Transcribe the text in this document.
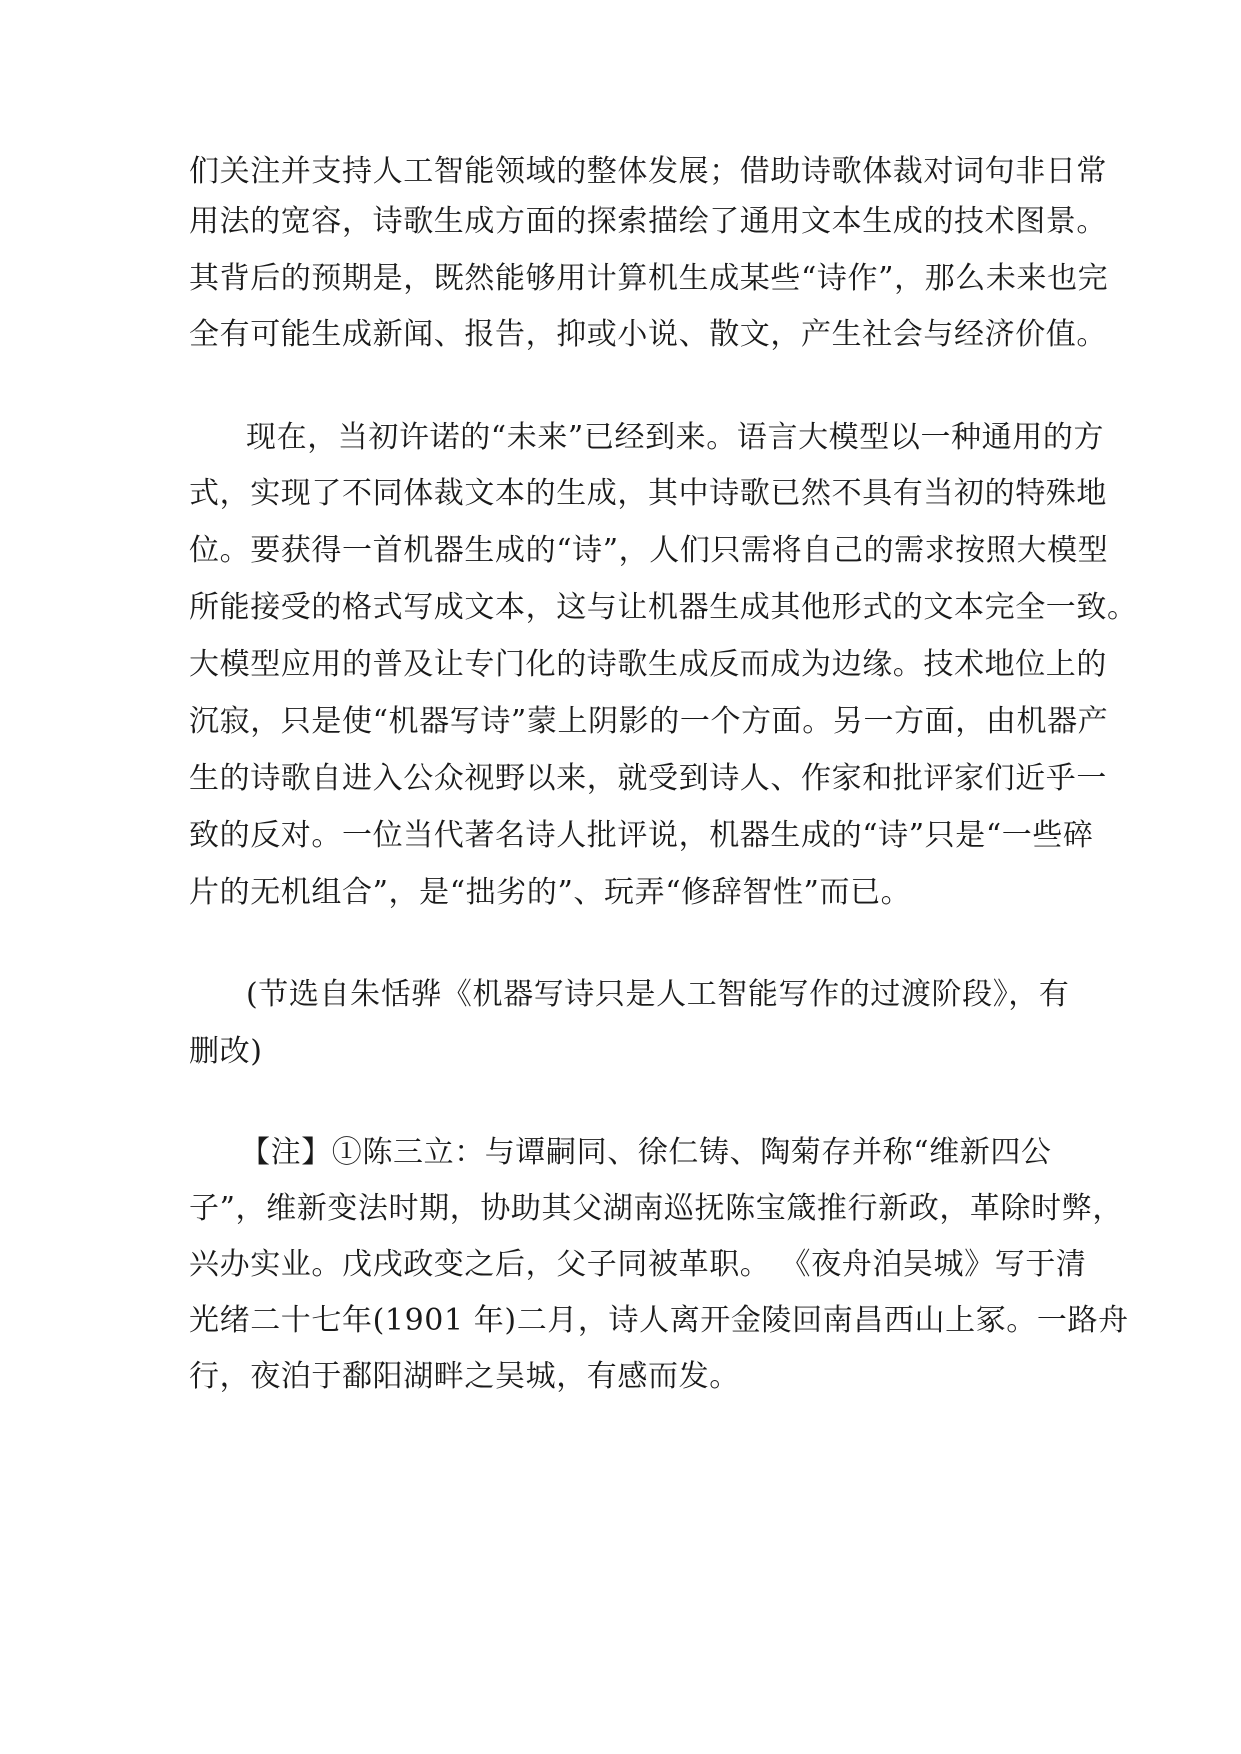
们关注并支持人工智能领域的整体发展；借助诗歌体裁对词句非日常
用法的宽容，诗歌生成方面的探索描绘了通用文本生成的技术图景。
其背后的预期是，既然能够用计算机生成某些“诗作”，那么未来也完
全有可能生成新闻、报告，抑或小说、散文，产生社会与经济价值。
现在，当初许诺的“未来”已经到来。语言大模型以一种通用的方
式，实现了不同体裁文本的生成，其中诗歌已然不具有当初的特殊地
位。要获得一首机器生成的“诗”，人们只需将自己的需求按照大模型
所能接受的格式写成文本，这与让机器生成其他形式的文本完全一致。
大模型应用的普及让专门化的诗歌生成反而成为边缘。技术地位上的
沉寂，只是使“机器写诗”蒙上阴影的一个方面。另一方面，由机器产
生的诗歌自进入公众视野以来，就受到诗人、作家和批评家们近乎一
致的反对。一位当代著名诗人批评说，机器生成的“诗”只是“一些碎
片的无机组合”，是“拙劣的”、玩弄“修辞智性”而已。
(节选自朱恬骅《机器写诗只是人工智能写作的过渡阶段》，有
删改)
【注】①陈三立：与谭嗣同、徐仁铸、陶菊存并称“维新四公
子”，维新变法时期，协助其父湖南巡抚陈宝箴推行新政，革除时弊，
兴办实业。戊戌政变之后，父子同被革职。 《夜舟泊吴城》写于清
光绪二十七年(1901 年)二月，诗人离开金陵回南昌西山上冢。一路舟
行，夜泊于鄱阳湖畔之吴城，有感而发。
